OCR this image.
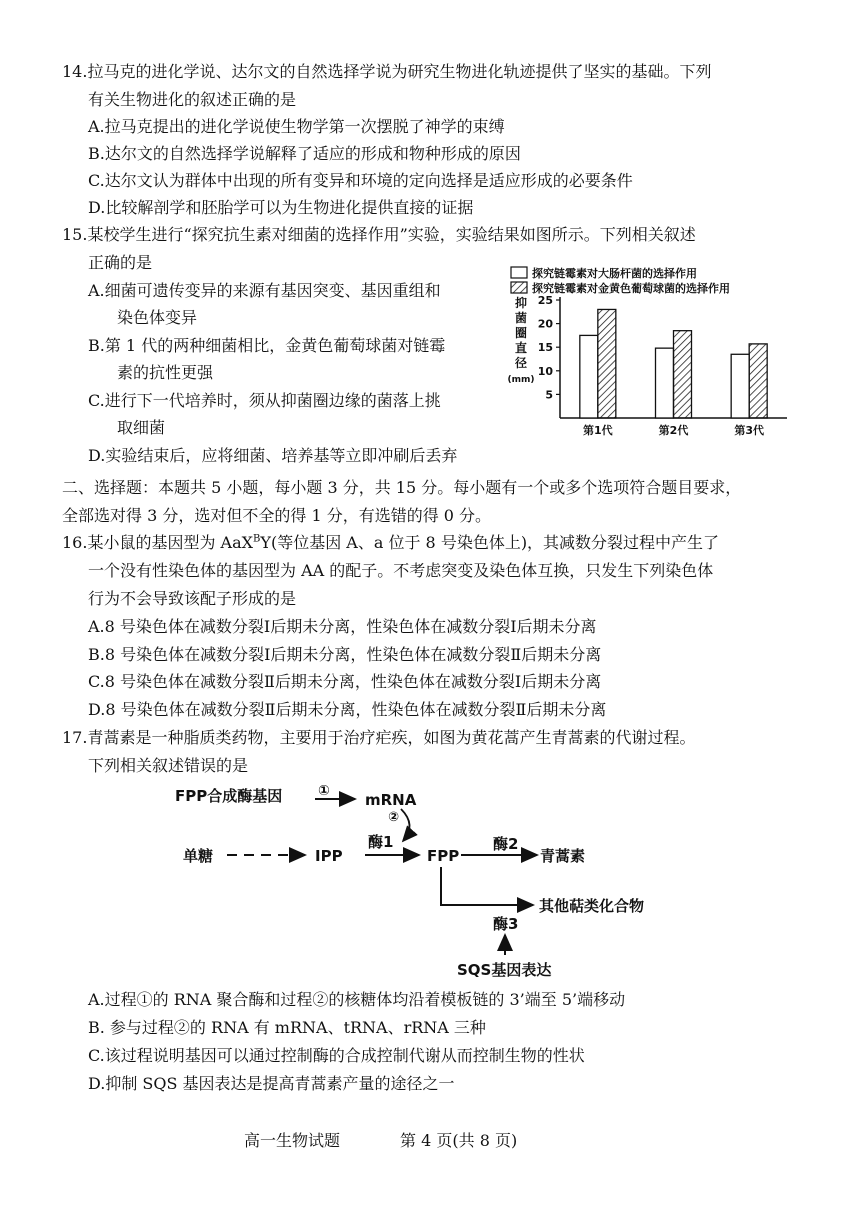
14.拉马克的进化学说、达尔文的自然选择学说为研究生物进化轨迹提供了坚实的基础。下列
有关生物进化的叙述正确的是
A.拉马克提出的进化学说使生物学第一次摆脱了神学的束缚
B.达尔文的自然选择学说解释了适应的形成和物种形成的原因
C.达尔文认为群体中出现的所有变异和环境的定向选择是适应形成的必要条件
D.比较解剖学和胚胎学可以为生物进化提供直接的证据
15.某校学生进行“探究抗生素对细菌的选择作用”实验，实验结果如图所示。下列相关叙述
正确的是
A.细菌可遗传变异的来源有基因突变、基因重组和
染色体变异
B.第 1 代的两种细菌相比，金黄色葡萄球菌对链霉
素的抗性更强
C.进行下一代培养时，须从抑菌圈边缘的菌落上挑
取细菌
D.实验结束后，应将细菌、培养基等立即冲刷后丢弃
探究链霉素对大肠杆菌的选择作用
探究链霉素对金黄色葡萄球菌的选择作用
5
10
15
20
25
抑
菌
圈
直
径
(mm)
第1代	第2代	第3代
二、选择题：本题共 5 小题，每小题 3 分，共 15 分。每小题有一个或多个选项符合题目要求，
全部选对得 3 分，选对但不全的得 1 分，有选错的得 0 分。
16.某小鼠的基因型为 AaX$^B$Y(等位基因 A、a 位于 8 号染色体上)，其减数分裂过程中产生了
一个没有性染色体的基因型为 AA 的配子。不考虑突变及染色体互换，只发生下列染色体
行为不会导致该配子形成的是
A.8 号染色体在减数分裂Ⅰ后期未分离，性染色体在减数分裂Ⅰ后期未分离
B.8 号染色体在减数分裂Ⅰ后期未分离，性染色体在减数分裂Ⅱ后期未分离
C.8 号染色体在减数分裂Ⅱ后期未分离，性染色体在减数分裂Ⅰ后期未分离
D.8 号染色体在减数分裂Ⅱ后期未分离，性染色体在减数分裂Ⅱ后期未分离
17.青蒿素是一种脂质类药物，主要用于治疗疟疾，如图为黄花蒿产生青蒿素的代谢过程。
下列相关叙述错误的是
FPP合成酶基因	① mRNA
②
单糖	IPP
酶1
FPP
酶2
青蒿素
其他萜类化合物
酶3
SQS基因表达
A.过程①的 RNA 聚合酶和过程②的核糖体均沿着模板链的 3’端至 5’端移动
B. 参与过程②的 RNA 有 mRNA、tRNA、rRNA 三种
C.该过程说明基因可以通过控制酶的合成控制代谢从而控制生物的性状
D.抑制 SQS 基因表达是提高青蒿素产量的途径之一
高一生物试题	第 4 页(共 8 页)
